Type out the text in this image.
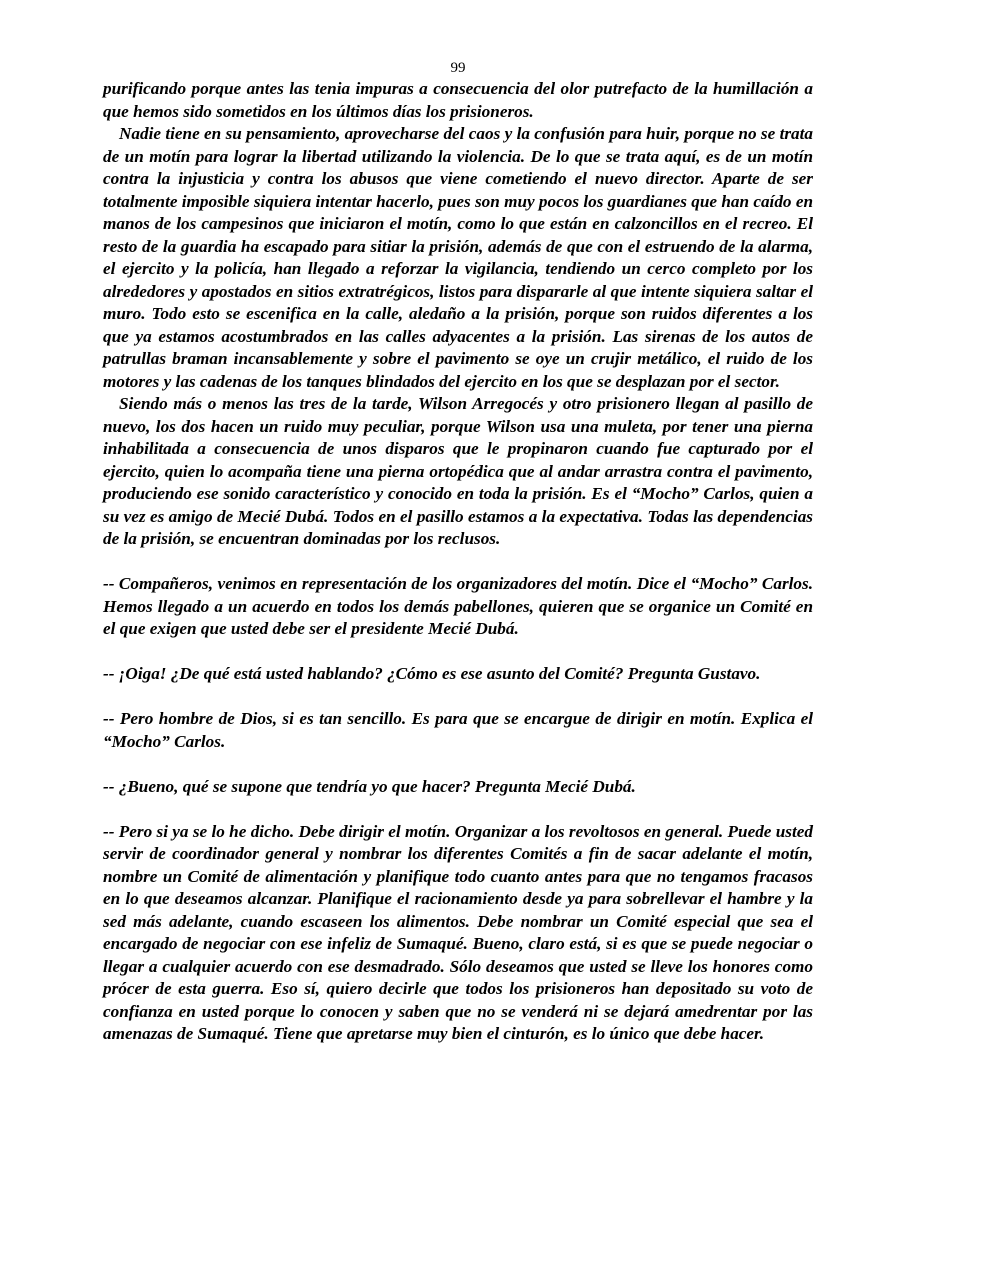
99

purificando porque antes las tenia impuras a consecuencia del olor putrefacto de la humillación a que hemos sido sometidos en los últimos días los prisioneros.

Nadie tiene en su pensamiento, aprovecharse del caos y la confusión para huir, porque no se trata de un motín para lograr la libertad utilizando la violencia. De lo que se trata aquí, es de un motín contra la injusticia y contra los abusos que viene cometiendo el nuevo director. Aparte de ser totalmente imposible siquiera intentar hacerlo, pues son muy pocos los guardianes que han caído en manos de los campesinos que iniciaron el motín, como lo que están en calzoncillos en el recreo. El resto de la guardia ha escapado para sitiar la prisión, además de que con el estruendo de la alarma, el ejercito y la policía, han llegado a reforzar la vigilancia, tendiendo un cerco completo por los alrededores y apostados en sitios extratrégicos, listos para dispararle al que intente siquiera saltar el muro. Todo esto se escenifica en la calle, aledaño a la prisión, porque son ruidos diferentes a los que ya estamos acostumbrados en las calles adyacentes a la prisión. Las sirenas de los autos de patrullas braman incansablemente y sobre el pavimento se oye un crujir metálico, el ruido de los motores y las cadenas de los tanques blindados del ejercito en los que se desplazan por el sector.

Siendo más o menos las tres de la tarde, Wilson Arregocés y otro prisionero llegan al pasillo de nuevo, los dos hacen un ruido muy peculiar, porque Wilson usa una muleta, por tener una pierna inhabilitada a consecuencia de unos disparos que le propinaron cuando fue capturado por el ejercito, quien lo acompaña tiene una pierna ortopédica que al andar arrastra contra el pavimento, produciendo ese sonido característico y conocido en toda la prisión. Es el “Mocho” Carlos, quien a su vez es amigo de Mecié Dubá. Todos en el pasillo estamos a la expectativa. Todas las dependencias de la prisión, se encuentran dominadas por los reclusos.

-- Compañeros, venimos en representación de los organizadores del motín. Dice el “Mocho” Carlos. Hemos llegado a un acuerdo en todos los demás pabellones, quieren que se organice un Comité en el que exigen que usted debe ser el presidente Mecié Dubá.

-- ¡Oiga! ¿De qué está usted hablando? ¿Cómo es ese asunto del Comité? Pregunta Gustavo.

-- Pero hombre de Dios, si es tan sencillo. Es para que se encargue de dirigir en motín. Explica el “Mocho” Carlos.

-- ¿Bueno, qué se supone que tendría yo que hacer? Pregunta Mecié Dubá.

-- Pero si ya se lo he dicho. Debe dirigir el motín. Organizar a los revoltosos en general. Puede usted servir de coordinador general y nombrar los diferentes Comités a fin de sacar adelante el motín, nombre un Comité de alimentación y planifique todo cuanto antes para que no tengamos fracasos en lo que deseamos alcanzar. Planifique el racionamiento desde ya para sobrellevar el hambre y la sed más adelante, cuando escaseen los alimentos. Debe nombrar un Comité especial que sea el encargado de negociar con ese infeliz de Sumaqué. Bueno, claro está, si es que se puede negociar o llegar a cualquier acuerdo con ese desmadrado. Sólo deseamos que usted se lleve los honores como prócer de esta guerra. Eso sí, quiero decirle que todos los prisioneros han depositado su voto de confianza en usted porque lo conocen y saben que no se venderá ni se dejará amedrentar por las amenazas de Sumaqué. Tiene que apretarse muy bien el cinturón, es lo único que debe hacer.
